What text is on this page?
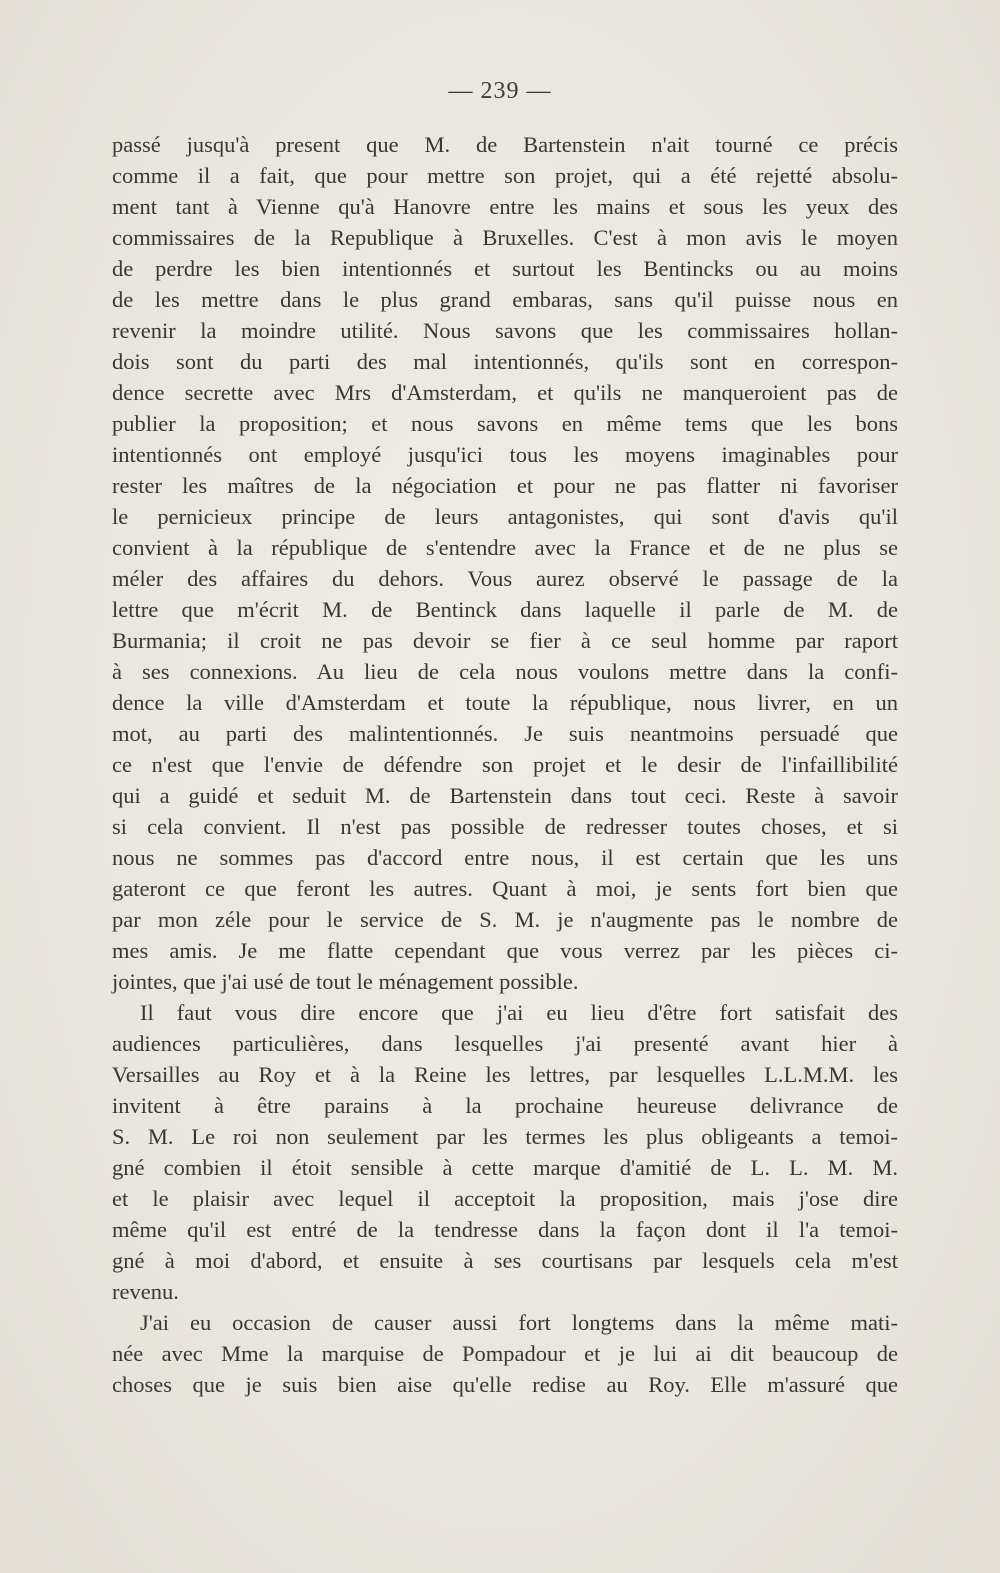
— 239 —
passé jusqu'à present que M. de Bartenstein n'ait tourné ce précis
comme il a fait, que pour mettre son projet, qui a été rejetté absolu-
ment tant à Vienne qu'à Hanovre entre les mains et sous les yeux des
commissaires de la Republique à Bruxelles. C'est à mon avis le moyen
de perdre les bien intentionnés et surtout les Bentincks ou au moins
de les mettre dans le plus grand embaras, sans qu'il puisse nous en
revenir la moindre utilité. Nous savons que les commissaires hollan-
dois sont du parti des mal intentionnés, qu'ils sont en correspon-
dence secrette avec Mrs d'Amsterdam, et qu'ils ne manqueroient pas de
publier la proposition; et nous savons en même tems que les bons
intentionnés ont employé jusqu'ici tous les moyens imaginables pour
rester les maîtres de la négociation et pour ne pas flatter ni favoriser
le pernicieux principe de leurs antagonistes, qui sont d'avis qu'il
convient à la république de s'entendre avec la France et de ne plus se
méler des affaires du dehors. Vous aurez observé le passage de la
lettre que m'écrit M. de Bentinck dans laquelle il parle de M. de
Burmania; il croit ne pas devoir se fier à ce seul homme par raport
à ses connexions. Au lieu de cela nous voulons mettre dans la confi-
dence la ville d'Amsterdam et toute la république, nous livrer, en un
mot, au parti des malintentionnés. Je suis neantmoins persuadé que
ce n'est que l'envie de défendre son projet et le desir de l'infaillibilité
qui a guidé et seduit M. de Bartenstein dans tout ceci. Reste à savoir
si cela convient. Il n'est pas possible de redresser toutes choses, et si
nous ne sommes pas d'accord entre nous, il est certain que les uns
gateront ce que feront les autres. Quant à moi, je sents fort bien que
par mon zéle pour le service de S. M. je n'augmente pas le nombre de
mes amis. Je me flatte cependant que vous verrez par les pièces ci-
jointes, que j'ai usé de tout le ménagement possible.
Il faut vous dire encore que j'ai eu lieu d'être fort satisfait des
audiences particulières, dans lesquelles j'ai presenté avant hier à
Versailles au Roy et à la Reine les lettres, par lesquelles L.L.M.M. les
invitent à être parains à la prochaine heureuse delivrance de
S. M. Le roi non seulement par les termes les plus obligeants a temoi-
gné combien il étoit sensible à cette marque d'amitié de L. L. M. M.
et le plaisir avec lequel il acceptoit la proposition, mais j'ose dire
même qu'il est entré de la tendresse dans la façon dont il l'a temoi-
gné à moi d'abord, et ensuite à ses courtisans par lesquels cela m'est
revenu.
J'ai eu occasion de causer aussi fort longtems dans la même mati-
née avec Mme la marquise de Pompadour et je lui ai dit beaucoup de
choses que je suis bien aise qu'elle redise au Roy. Elle m'assuré que
